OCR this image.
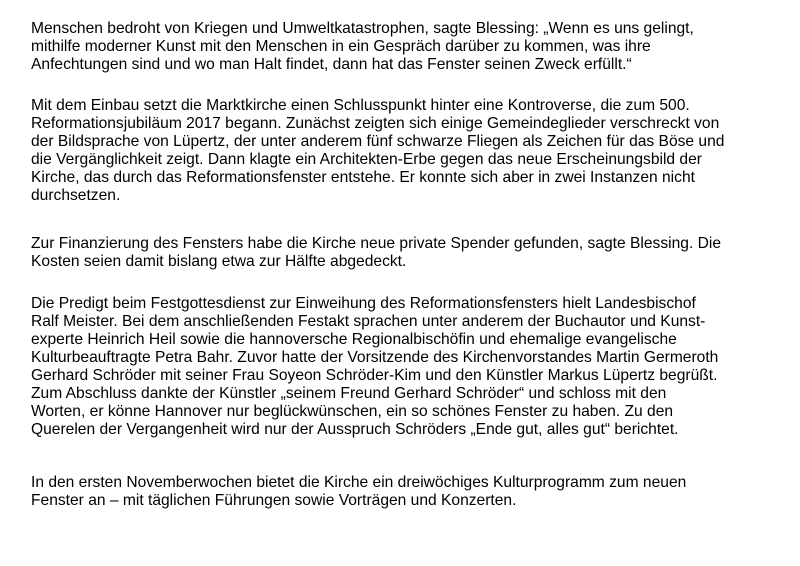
Menschen bedroht von Kriegen und Umweltkatastrophen, sagte Blessing: „Wenn es uns gelingt,
mithilfe moderner Kunst mit den Menschen in ein Gespräch darüber zu kommen, was ihre
Anfechtungen sind und wo man Halt findet, dann hat das Fenster seinen Zweck erfüllt.“

Mit dem Einbau setzt die Marktkirche einen Schlusspunkt hinter eine Kontroverse, die zum 500.
Reformationsjubiläum 2017 begann. Zunächst zeigten sich einige Gemeindeglieder verschreckt von
der Bildsprache von Lüpertz, der unter anderem fünf schwarze Fliegen als Zeichen für das Böse und
die Vergänglichkeit zeigt. Dann klagte ein Architekten-Erbe gegen das neue Erscheinungsbild der
Kirche, das durch das Reformationsfenster entstehe. Er konnte sich aber in zwei Instanzen nicht
durchsetzen.

Zur Finanzierung des Fensters habe die Kirche neue private Spender gefunden, sagte Blessing. Die
Kosten seien damit bislang etwa zur Hälfte abgedeckt.

Die Predigt beim Festgottesdienst zur Einweihung des Reformationsfensters hielt Landesbischof
Ralf Meister. Bei dem anschließenden Festakt sprachen unter anderem der Buchautor und Kunst-
experte Heinrich Heil sowie die hannoversche Regionalbischöfin und ehemalige evangelische
Kulturbeauftragte Petra Bahr. Zuvor hatte der Vorsitzende des Kirchenvorstandes Martin Germeroth
Gerhard Schröder mit seiner Frau Soyeon Schröder-Kim und den Künstler Markus Lüpertz begrüßt.
Zum Abschluss dankte der Künstler „seinem Freund Gerhard Schröder“ und schloss mit den
Worten, er könne Hannover nur beglückwünschen, ein so schönes Fenster zu haben. Zu den
Querelen der Vergangenheit wird nur der Ausspruch Schröders „Ende gut, alles gut“ berichtet.

In den ersten Novemberwochen bietet die Kirche ein dreiwöchiges Kulturprogramm zum neuen
Fenster an – mit täglichen Führungen sowie Vorträgen und Konzerten.
